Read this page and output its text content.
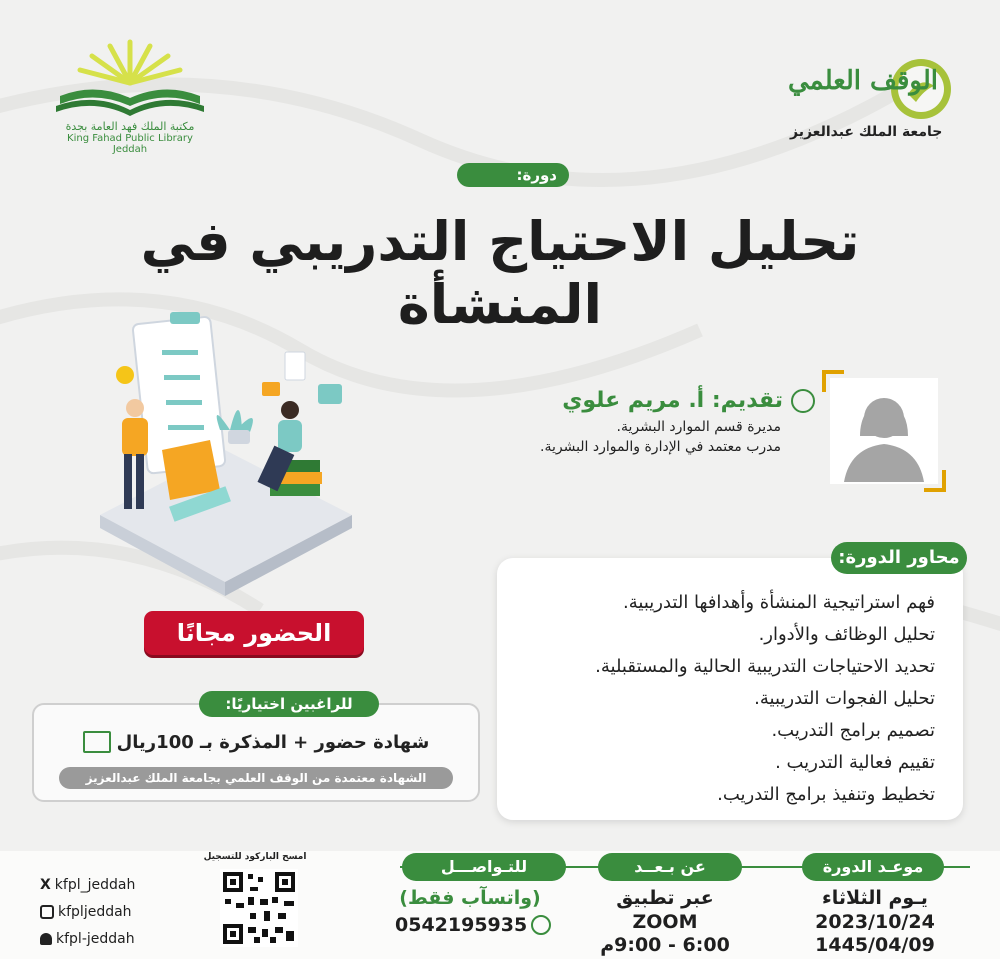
مكتبة الملك فهد العامة بجدة
King Fahad Public Library Jeddah
الوقف العلمي
جامعة الملك عبدالعزيز
دورة:
تحليل الاحتياج التدريبي في المنشأة
تقديم: أ. مريم علوي
مديرة قسم الموارد البشرية.
مدرب معتمد في الإدارة والموارد البشرية.
الحضور مجانًا
للراغبين اختياريًا:
شهادة حضور + المذكرة بـ 100ريال
الشهادة معتمدة من الوقف العلمي بجامعة الملك عبدالعزيز
محاور الدورة:
فهم استراتيجية المنشأة وأهدافها التدريبية.
تحليل الوظائف والأدوار.
تحديد الاحتياجات التدريبية الحالية والمستقبلية.
تحليل الفجوات التدريبية.
تصميم برامج التدريب.
تقييم فعالية التدريب .
تخطيط وتنفيذ برامج التدريب.
موعـد الدورة
يـوم الثلاثاء
2023/10/24
1445/04/09
عن بـعــد
عبر تطبيق
ZOOM
6:00 - 9:00م
للتـواصـــل
(واتسآب فقط)
0542195935
امسح الباركود للتسجيل
X kfpl_jeddah
kfpljeddah
kfpl-jeddah
